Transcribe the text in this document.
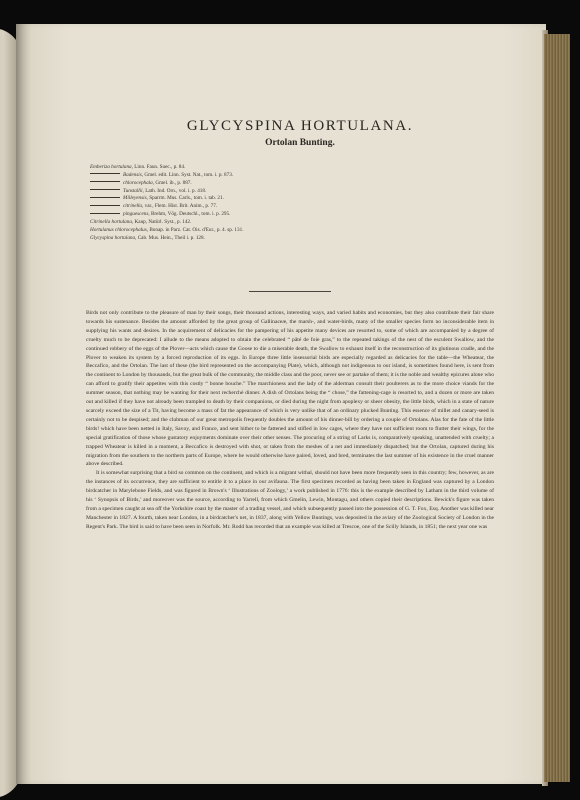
GLYCYSPINA HORTULANA.
Ortolan Bunting.
Emberiza hortulana, Linn. Faun. Suec., p. 84.
Badensis, Gmel. edit. Linn. Syst. Nat., tom. i. p. 873.
chlorocephala, Gmel. ib., p. 887.
Tunstallii, Lath. Ind. Orn., vol. i. p. 418.
Milleyensis, Sparrm. Mus. Carls., tom. i. tab. 21.
citrinella, var., Flem. Hist. Brit. Anim., p. 77.
pinguescens, Brehm, Vög. Deutschl., tom. i. p. 295.
Citrinella hortulana, Kaup, Natürl. Syst., p. 142.
Hortulanus chlorocephalus, Bonap. in Parz. Cat. Ois. d'Eur., p. 4. sp. 131.
Glycyspina hortulana, Cab. Mus. Hein., Theil i. p. 128.

Birds not only contribute to the pleasure of man by their songs, their thousand actions, interesting ways, and varied habits and economies, but they also contribute their fair share towards his sustenance. Besides the amount afforded by the great group of Gallinaceæ, the marsh-, and water-birds, many of the smaller species form no inconsiderable item in supplying his wants and desires. In the acquirement of delicacies for the pampering of his appetite many devices are resorted to, some of which are accompanied by a degree of cruelty much to be deprecated: I allude to the means adopted to obtain the celebrated “ pâté de foie gras,” to the repeated takings of the nest of the esculent Swallow, and the continued robbery of the eggs of the Plover—acts which cause the Goose to die a miserable death, the Swallow to exhaust itself in the reconstruction of its glutinous cradle, and the Plover to weaken its system by a forced reproduction of its eggs. In Europe three little insessorial birds are especially regarded as delicacies for the table—the Wheatear, the Beccafico, and the Ortolan. The last of these (the bird represented on the accompanying Plate), which, although not indigenous to our island, is sometimes found here, is sent from the continent to London by thousands, but the great bulk of the community, the middle class and the poor, never see or partake of them; it is the noble and wealthy epicures alone who can afford to gratify their appetites with this costly “ bonne bouche.” The marchioness and the lady of the alderman consult their poulterers as to the more choice viands for the summer season, that nothing may be wanting for their next recherché dinner. A dish of Ortolans being the “ chose,” the fattening-cage is resorted to, and a dozen or more are taken out and killed if they have not already been trampled to death by their companions, or died during the night from apoplexy or sheer obesity, the little birds, which in a state of nature scarcely exceed the size of a Tit, having become a mass of fat the appearance of which is very unlike that of an ordinary plucked Bunting. This essence of millet and canary-seed is certainly not to be despised; and the clubman of our great metropolis frequently doubles the amount of his dinner-bill by ordering a couple of Ortolans. Alas for the fate of the little birds! which have been netted in Italy, Savoy, and France, and sent hither to be fattened and stifled in low cages, where they have not sufficient room to flutter their wings, for the special gratification of those whose gustatory enjoyments dominate over their other senses. The procuring of a string of Larks is, comparatively speaking, unattended with cruelty; a trapped Wheatear is killed in a moment, a Beccafico is destroyed with shot, or taken from the meshes of a net and immediately dispatched; but the Ortolan, captured during his migration from the southern to the northern parts of Europe, where he would otherwise have paired, loved, and bred, terminates the last summer of his existence in the cruel manner above described.

It is somewhat surprising that a bird so common on the continent, and which is a migrant withal, should not have been more frequently seen in this country; few, however, as are the instances of its occurrence, they are sufficient to entitle it to a place in our avifauna. The first specimen recorded as having been taken in England was captured by a London birdcatcher in Marylebone Fields, and was figured in Brown's ‘ Illustrations of Zoology,’ a work published in 1776: this is the example described by Latham in the third volume of his ‘ Synopsis of Birds,’ and moreover was the source, according to Yarrell, from which Gmelin, Lewin, Montagu, and others copied their descriptions. Bewick's figure was taken from a specimen caught at sea off the Yorkshire coast by the master of a trading vessel, and which subsequently passed into the possession of G. T. Fox, Esq. Another was killed near Manchester in 1827. A fourth, taken near London, in a birdcatcher's net, in 1837, along with Yellow Buntings, was deposited in the aviary of the Zoological Society of London in the Regent's Park. The bird is said to have been seen in Norfolk. Mr. Rodd has recorded that an example was killed at Trescoe, one of the Scilly Islands, in 1851; the next year one was
